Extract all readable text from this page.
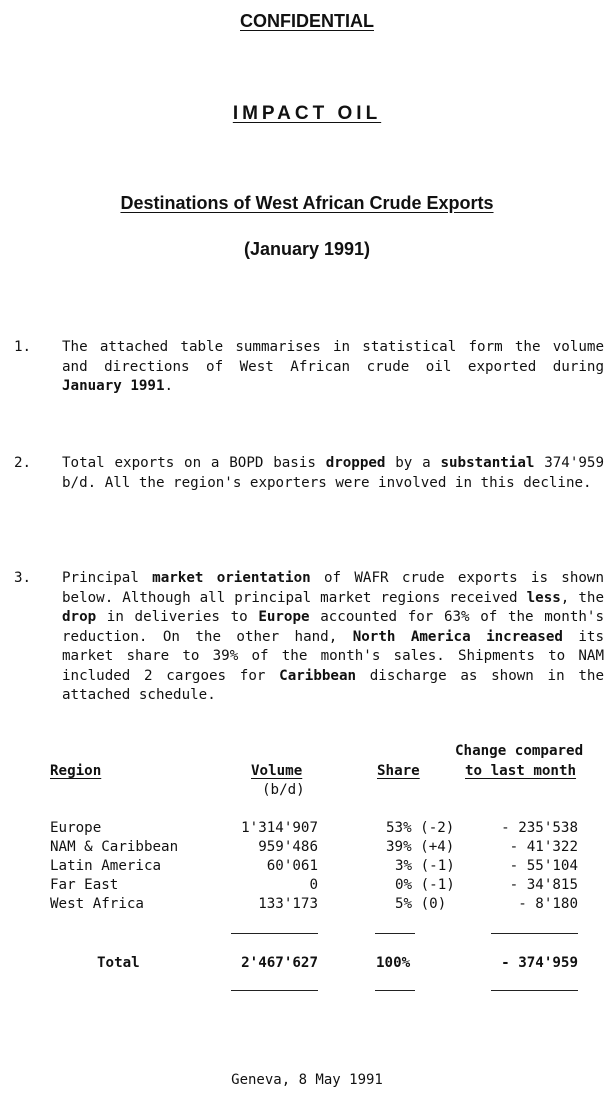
CONFIDENTIAL
IMPACT OIL
Destinations of West African Crude Exports
(January 1991)
1. The attached table summarises in statistical form the volume and directions of West African crude oil exported during January 1991.
2. Total exports on a BOPD basis dropped by a substantial 374'959 b/d. All the region's exporters were involved in this decline.
3. Principal market orientation of WAFR crude exports is shown below. Although all principal market regions received less, the drop in deliveries to Europe accounted for 63% of the month's reduction. On the other hand, North America increased its market share to 39% of the month's sales. Shipments to NAM included 2 cargoes for Caribbean discharge as shown in the attached schedule.
Change compared
Region	Volume	Share	to last month
(b/d)
Europe	1'314'907	53% (-2)	- 235'538
NAM & Caribbean	959'486	39% (+4)	- 41'322
Latin America	60'061	3% (-1)	- 55'104
Far East	0	0% (-1)	- 34'815
West Africa	133'173	5% (0)	- 8'180
Total	2'467'627	100%	- 374'959
Geneva, 8 May 1991
